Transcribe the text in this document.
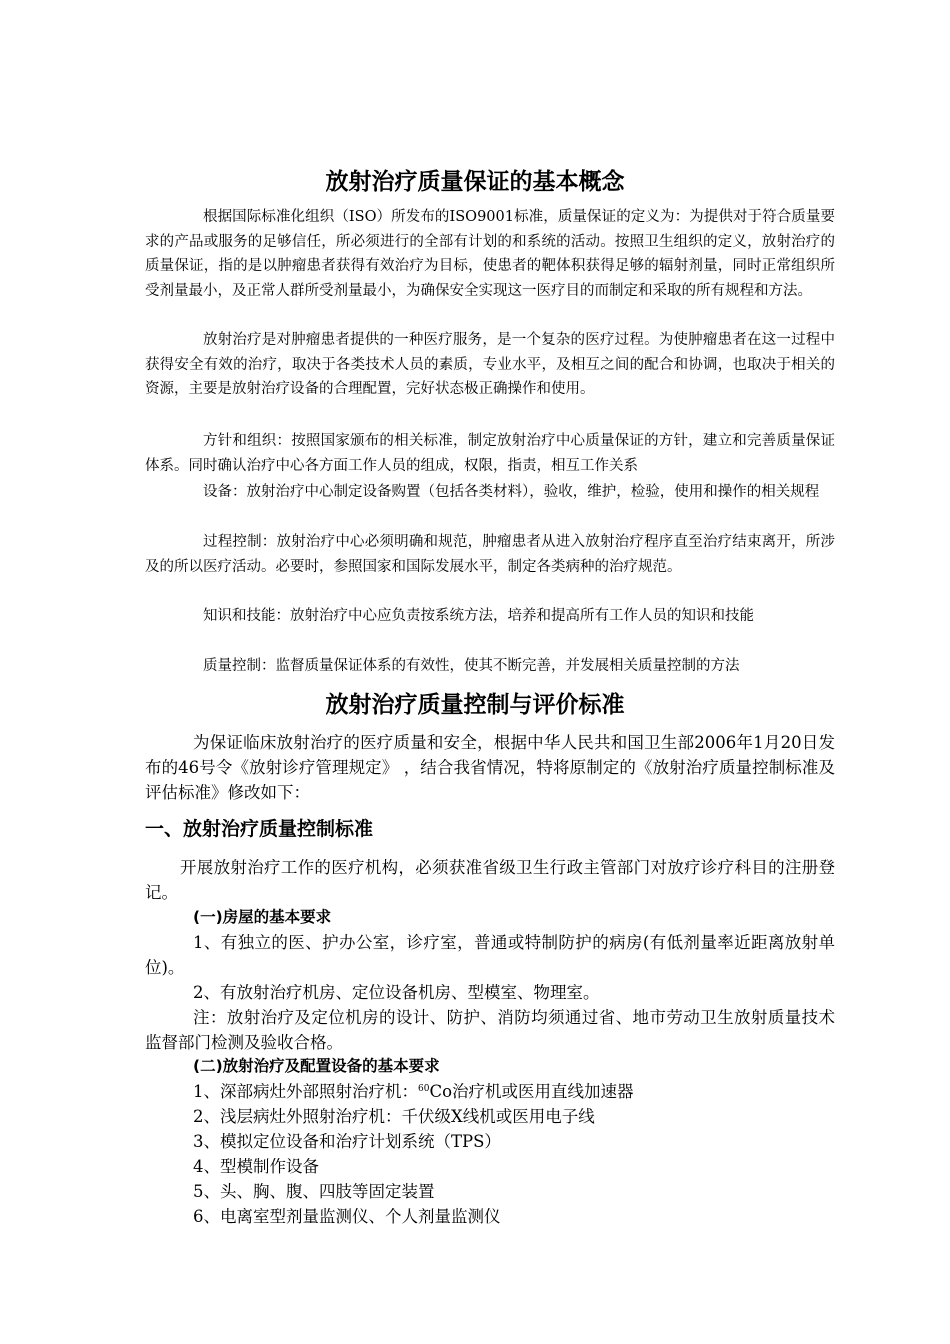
放射治疗质量保证的基本概念

根据国际标准化组织（ISO）所发布的ISO9001标准，质量保证的定义为：为提供对于符合质量要求的产品或服务的足够信任，所必须进行的全部有计划的和系统的活动。按照卫生组织的定义，放射治疗的质量保证，指的是以肿瘤患者获得有效治疗为目标，使患者的靶体积获得足够的辐射剂量，同时正常组织所受剂量最小，及正常人群所受剂量最小，为确保安全实现这一医疗目的而制定和采取的所有规程和方法。

放射治疗是对肿瘤患者提供的一种医疗服务，是一个复杂的医疗过程。为使肿瘤患者在这一过程中获得安全有效的治疗，取决于各类技术人员的素质，专业水平，及相互之间的配合和协调，也取决于相关的资源，主要是放射治疗设备的合理配置，完好状态极正确操作和使用。

方针和组织：按照国家颁布的相关标准，制定放射治疗中心质量保证的方针，建立和完善质量保证体系。同时确认治疗中心各方面工作人员的组成，权限，指责，相互工作关系

设备：放射治疗中心制定设备购置（包括各类材料），验收，维护，检验，使用和操作的相关规程

过程控制：放射治疗中心必须明确和规范，肿瘤患者从进入放射治疗程序直至治疗结束离开，所涉及的所以医疗活动。必要时，参照国家和国际发展水平，制定各类病种的治疗规范。

知识和技能：放射治疗中心应负责按系统方法，培养和提高所有工作人员的知识和技能

质量控制：监督质量保证体系的有效性，使其不断完善，并发展相关质量控制的方法

放射治疗质量控制与评价标准

为保证临床放射治疗的医疗质量和安全，根据中华人民共和国卫生部2006年1月20日发布的46号令《放射诊疗管理规定》 ，结合我省情况，特将原制定的《放射治疗质量控制标准及评估标准》修改如下：

一、放射治疗质量控制标准

开展放射治疗工作的医疗机构，必须获准省级卫生行政主管部门对放疗诊疗科目的注册登记。

(一)房屋的基本要求

1、有独立的医、护办公室，诊疗室，普通或特制防护的病房(有低剂量率近距离放射单位)。

2、有放射治疗机房、定位设备机房、型模室、物理室。

注：放射治疗及定位机房的设计、防护、消防均须通过省、地市劳动卫生放射质量技术监督部门检测及验收合格。

(二)放射治疗及配置设备的基本要求

1、深部病灶外部照射治疗机：$^{60}$Co治疗机或医用直线加速器

2、浅层病灶外照射治疗机：千伏级X线机或医用电子线

3、模拟定位设备和治疗计划系统（TPS）

4、型模制作设备

5、头、胸、腹、四肢等固定装置

6、电离室型剂量监测仪、个人剂量监测仪
